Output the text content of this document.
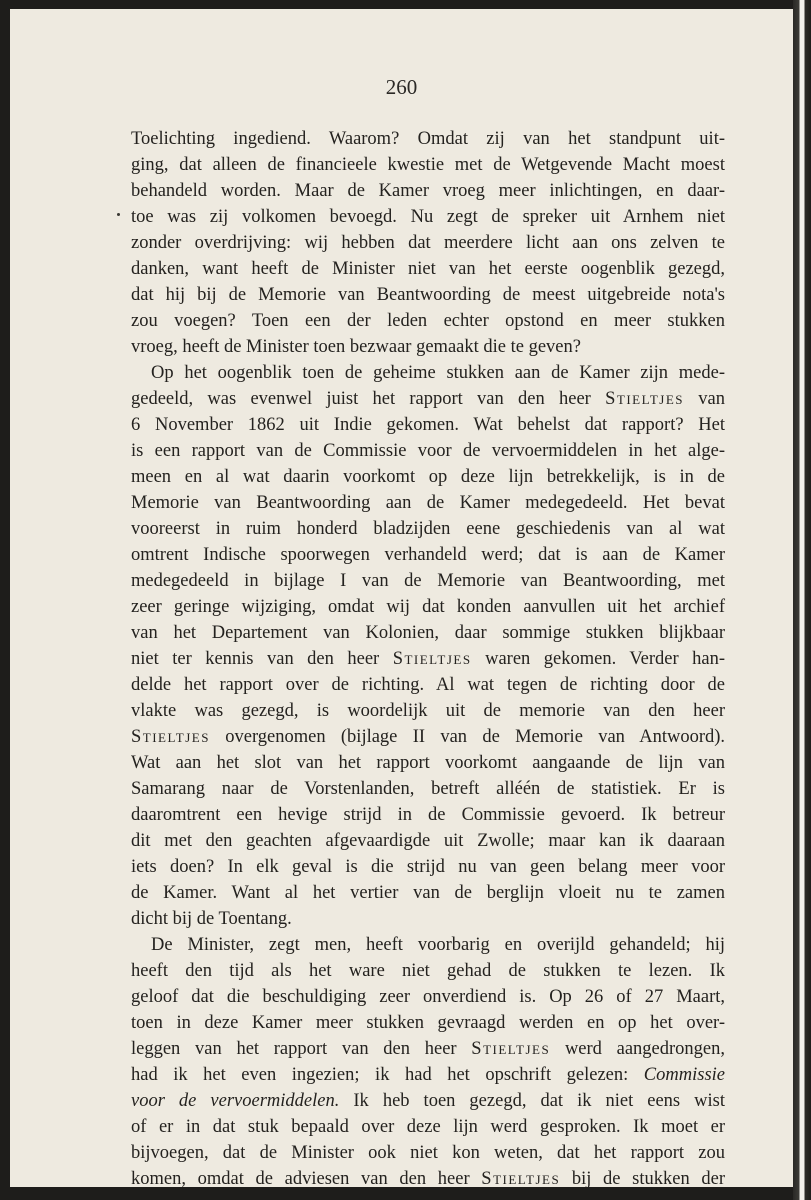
260
Toelichting ingediend. Waarom? Omdat zij van het standpunt uit-
ging, dat alleen de financieele kwestie met de Wetgevende Macht moest
behandeld worden. Maar de Kamer vroeg meer inlichtingen, en daar-
toe was zij volkomen bevoegd. Nu zegt de spreker uit Arnhem niet
zonder overdrijving: wij hebben dat meerdere licht aan ons zelven te
danken, want heeft de Minister niet van het eerste oogenblik gezegd,
dat hij bij de Memorie van Beantwoording de meest uitgebreide nota's
zou voegen? Toen een der leden echter opstond en meer stukken
vroeg, heeft de Minister toen bezwaar gemaakt die te geven?
Op het oogenblik toen de geheime stukken aan de Kamer zijn mede-
gedeeld, was evenwel juist het rapport van den heer Stieltjes van
6 November 1862 uit Indie gekomen. Wat behelst dat rapport? Het
is een rapport van de Commissie voor de vervoermiddelen in het alge-
meen en al wat daarin voorkomt op deze lijn betrekkelijk, is in de
Memorie van Beantwoording aan de Kamer medegedeeld. Het bevat
vooreerst in ruim honderd bladzijden eene geschiedenis van al wat
omtrent Indische spoorwegen verhandeld werd; dat is aan de Kamer
medegedeeld in bijlage I van de Memorie van Beantwoording, met
zeer geringe wijziging, omdat wij dat konden aanvullen uit het archief
van het Departement van Kolonien, daar sommige stukken blijkbaar
niet ter kennis van den heer Stieltjes waren gekomen. Verder han-
delde het rapport over de richting. Al wat tegen de richting door de
vlakte was gezegd, is woordelijk uit de memorie van den heer
Stieltjes overgenomen (bijlage II van de Memorie van Antwoord).
Wat aan het slot van het rapport voorkomt aangaande de lijn van
Samarang naar de Vorstenlanden, betreft alléén de statistiek. Er is
daaromtrent een hevige strijd in de Commissie gevoerd. Ik betreur
dit met den geachten afgevaardigde uit Zwolle; maar kan ik daaraan
iets doen? In elk geval is die strijd nu van geen belang meer voor
de Kamer. Want al het vertier van de berglijn vloeit nu te zamen
dicht bij de Toentang.
De Minister, zegt men, heeft voorbarig en overijld gehandeld; hij
heeft den tijd als het ware niet gehad de stukken te lezen. Ik
geloof dat die beschuldiging zeer onverdiend is. Op 26 of 27 Maart,
toen in deze Kamer meer stukken gevraagd werden en op het over-
leggen van het rapport van den heer Stieltjes werd aangedrongen,
had ik het even ingezien; ik had het opschrift gelezen: Commissie
voor de vervoermiddelen. Ik heb toen gezegd, dat ik niet eens wist
of er in dat stuk bepaald over deze lijn werd gesproken. Ik moet er
bijvoegen, dat de Minister ook niet kon weten, dat het rapport zou
komen, omdat de adviesen van den heer Stieltjes bij de stukken der
